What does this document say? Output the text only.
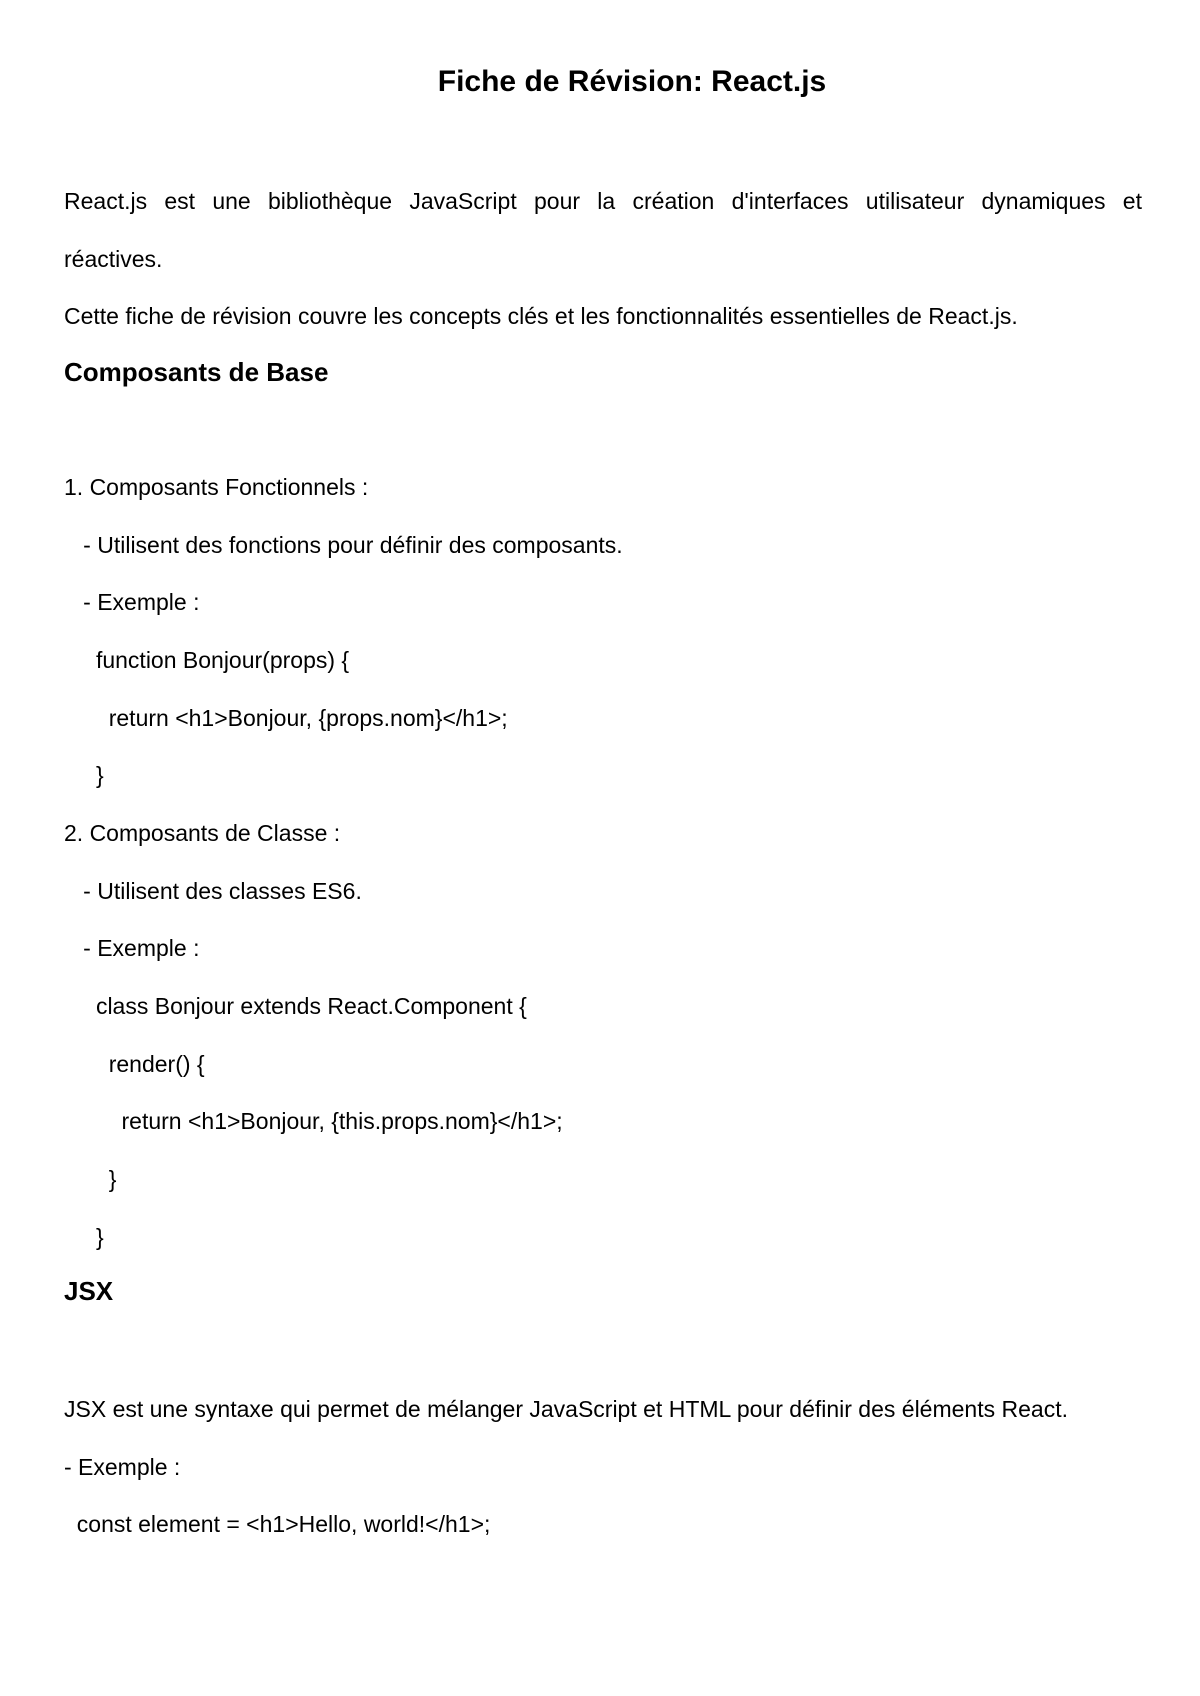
Fiche de Révision: React.js

React.js est une bibliothèque JavaScript pour la création d'interfaces utilisateur dynamiques et

réactives.

Cette fiche de révision couvre les concepts clés et les fonctionnalités essentielles de React.js.

Composants de Base

1. Composants Fonctionnels :

- Utilisent des fonctions pour définir des composants.

- Exemple :

function Bonjour(props) {

return <h1>Bonjour, {props.nom}</h1>;

}

2. Composants de Classe :

- Utilisent des classes ES6.

- Exemple :

class Bonjour extends React.Component {

render() {

return <h1>Bonjour, {this.props.nom}</h1>;

}

}

JSX

JSX est une syntaxe qui permet de mélanger JavaScript et HTML pour définir des éléments React.

- Exemple :

const element = <h1>Hello, world!</h1>;
